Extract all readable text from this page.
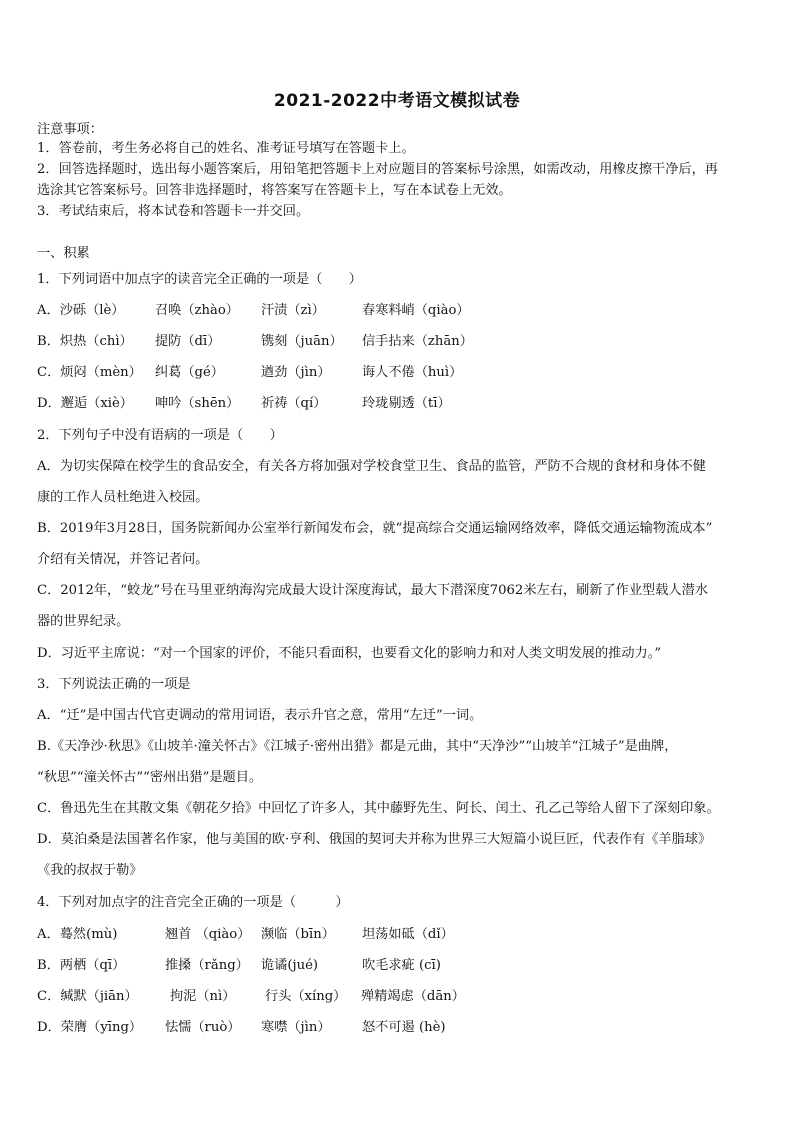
2021-2022中考语文模拟试卷
注意事项：
1．答卷前，考生务必将自己的姓名、准考证号填写在答题卡上。
2．回答选择题时，选出每小题答案后，用铅笔把答题卡上对应题目的答案标号涂黑，如需改动，用橡皮擦干净后，再
选涂其它答案标号。回答非选择题时，将答案写在答题卡上，写在本试卷上无效。
3．考试结束后，将本试卷和答题卡一并交回。
一、积累
1．下列词语中加点字的读音完全正确的一项是（　　）
A．沙砾（lè） 召唤（zhào） 汗渍（zì）	春寒料峭（qiào）
B．炽热（chì） 提防（dī）	镌刻（juān） 信手拈来（zhān）
C．烦闷（mèn） 纠葛（gé）	遒劲（jìn） 诲人不倦（huì）
D．邂逅（xiè） 呻吟（shēn） 祈祷（qí）	玲珑剔透（tī）
2．下列句子中没有语病的一项是（　　）
A．为切实保障在校学生的食品安全，有关各方将加强对学校食堂卫生、食品的监管，严防不合规的食材和身体不健
康的工作人员杜绝进入校园。
B．2019年3月28日，国务院新闻办公室举行新闻发布会，就“提高综合交通运输网络效率，降低交通运输物流成本”
介绍有关情况，并答记者问。
C．2012年，“蛟龙”号在马里亚纳海沟完成最大设计深度海试，最大下潜深度7062米左右，刷新了作业型载人潜水
器的世界纪录。
D．习近平主席说：“对一个国家的评价，不能只看面积，也要看文化的影响力和对人类文明发展的推动力。”
3．下列说法正确的一项是
A．“迁”是中国古代官吏调动的常用词语，表示升官之意，常用“左迁”一词。
B.《天净沙·秋思》《山坡羊·潼关怀古》《江城子·密州出猎》都是元曲，其中“天净沙”“山坡羊“江城子”是曲牌，
“秋思”“潼关怀古”“密州出猎”是题目。
C．鲁迅先生在其散文集《朝花夕拾》中回忆了许多人，其中藤野先生、阿长、闰土、孔乙己等给人留下了深刻印象。
D．莫泊桑是法国著名作家，他与美国的欧·亨利、俄国的契诃夫并称为世界三大短篇小说巨匠，代表作有《羊脂球》
《我的叔叔于勒》
4．下列对加点字的注音完全正确的一项是（　　　）
A．蓦然(mù)	翘首 （qiào） 濒临（bīn） 坦荡如砥（dǐ）
B．两栖（qī）	推搡（rǎng） 诡谲(jué)	吹毛求疵 (cī)
C．缄默（jiān） 拘泥（nì） 行头（xíng） 殚精竭虑（dān）
D．荣膺（yīng） 怯懦（ruò） 寒噤（jìn） 怒不可遏 (hè)
